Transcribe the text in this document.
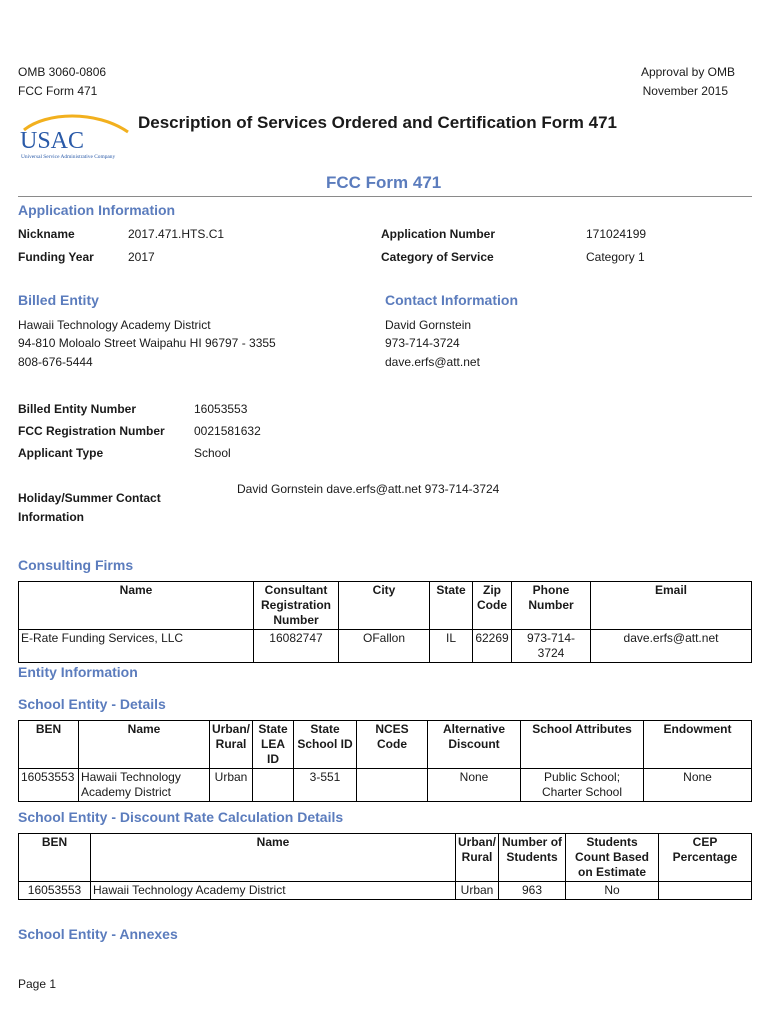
OMB 3060-0806
FCC Form 471
Approval by OMB
November 2015
USAC
Universal Service Administrative Company
Description of Services Ordered and Certification Form 471
FCC Form 471
Application Information
Nickname	2017.471.HTS.C1
Funding Year	2017
Application Number	171024199
Category of Service	Category 1
Billed Entity	Contact Information
Hawaii Technology Academy District
94-810 Moloalo Street Waipahu HI 96797 - 3355
808-676-5444
David Gornstein
973-714-3724
dave.erfs@att.net
Billed Entity Number	16053553
FCC Registration Number 0021581632
Applicant Type	School
David Gornstein dave.erfs@att.net 973-714-3724
Holiday/Summer Contact
Information
Consulting Firms
Name	Consultant Registration Number	City	State	Zip Code	Phone Number	Email
E-Rate Funding Services, LLC	16082747	OFallon	IL	62269	973-714-3724	dave.erfs@att.net
Entity Information
School Entity - Details
BEN	Name	Urban/ Rural	State LEA ID	State School ID	NCES Code	Alternative Discount	School Attributes	Endowment
16053553	Hawaii Technology Academy District	Urban		3-551		None	Public School; Charter School	None
School Entity - Discount Rate Calculation Details
BEN	Name	Urban/ Rural	Number of Students	Students Count Based on Estimate	CEP Percentage
16053553	Hawaii Technology Academy District	Urban	963	No	
School Entity - Annexes
Page 1
